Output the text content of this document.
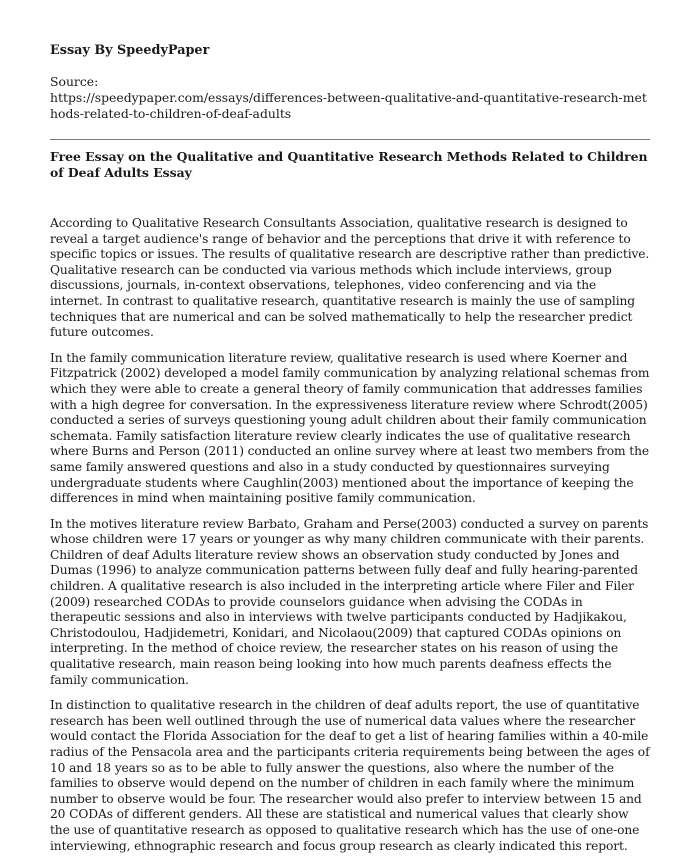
Essay By SpeedyPaper
Source:
https://speedypaper.com/essays/differences-between-qualitative-and-quantitative-research-methods-related-to-children-of-deaf-adults
Free Essay on the Qualitative and Quantitative Research Methods Related to Children of Deaf Adults Essay

According to Qualitative Research Consultants Association, qualitative research is designed to reveal a target audience's range of behavior and the perceptions that drive it with reference to specific topics or issues. The results of qualitative research are descriptive rather than predictive. Qualitative research can be conducted via various methods which include interviews, group discussions, journals, in-context observations, telephones, video conferencing and via the internet. In contrast to qualitative research, quantitative research is mainly the use of sampling techniques that are numerical and can be solved mathematically to help the researcher predict future outcomes.

In the family communication literature review, qualitative research is used where Koerner and Fitzpatrick (2002) developed a model family communication by analyzing relational schemas from which they were able to create a general theory of family communication that addresses families with a high degree for conversation. In the expressiveness literature review where Schrodt(2005) conducted a series of surveys questioning young adult children about their family communication schemata. Family satisfaction literature review clearly indicates the use of qualitative research where Burns and Person (2011) conducted an online survey where at least two members from the same family answered questions and also in a study conducted by questionnaires surveying undergraduate students where Caughlin(2003) mentioned about the importance of keeping the differences in mind when maintaining positive family communication.

In the motives literature review Barbato, Graham and Perse(2003) conducted a survey on parents whose children were 17 years or younger as why many children communicate with their parents. Children of deaf Adults literature review shows an observation study conducted by Jones and Dumas (1996) to analyze communication patterns between fully deaf and fully hearing-parented children. A qualitative research is also included in the interpreting article where Filer and Filer (2009) researched CODAs to provide counselors guidance when advising the CODAs in therapeutic sessions and also in interviews with twelve participants conducted by Hadjikakou, Christodoulou, Hadjidemetri, Konidari, and Nicolaou(2009) that captured CODAs opinions on interpreting. In the method of choice review, the researcher states on his reason of using the qualitative research, main reason being looking into how much parents deafness effects the family communication.

In distinction to qualitative research in the children of deaf adults report, the use of quantitative research has been well outlined through the use of numerical data values where the researcher would contact the Florida Association for the deaf to get a list of hearing families within a 40-mile radius of the Pensacola area and the participants criteria requirements being between the ages of 10 and 18 years so as to be able to fully answer the questions, also where the number of the families to observe would depend on the number of children in each family where the minimum number to observe would be four. The researcher would also prefer to interview between 15 and 20 CODAs of different genders. All these are statistical and numerical values that clearly show the use of quantitative research as opposed to qualitative research which has the use of one-one interviewing, ethnographic research and focus group research as clearly indicated this report.
